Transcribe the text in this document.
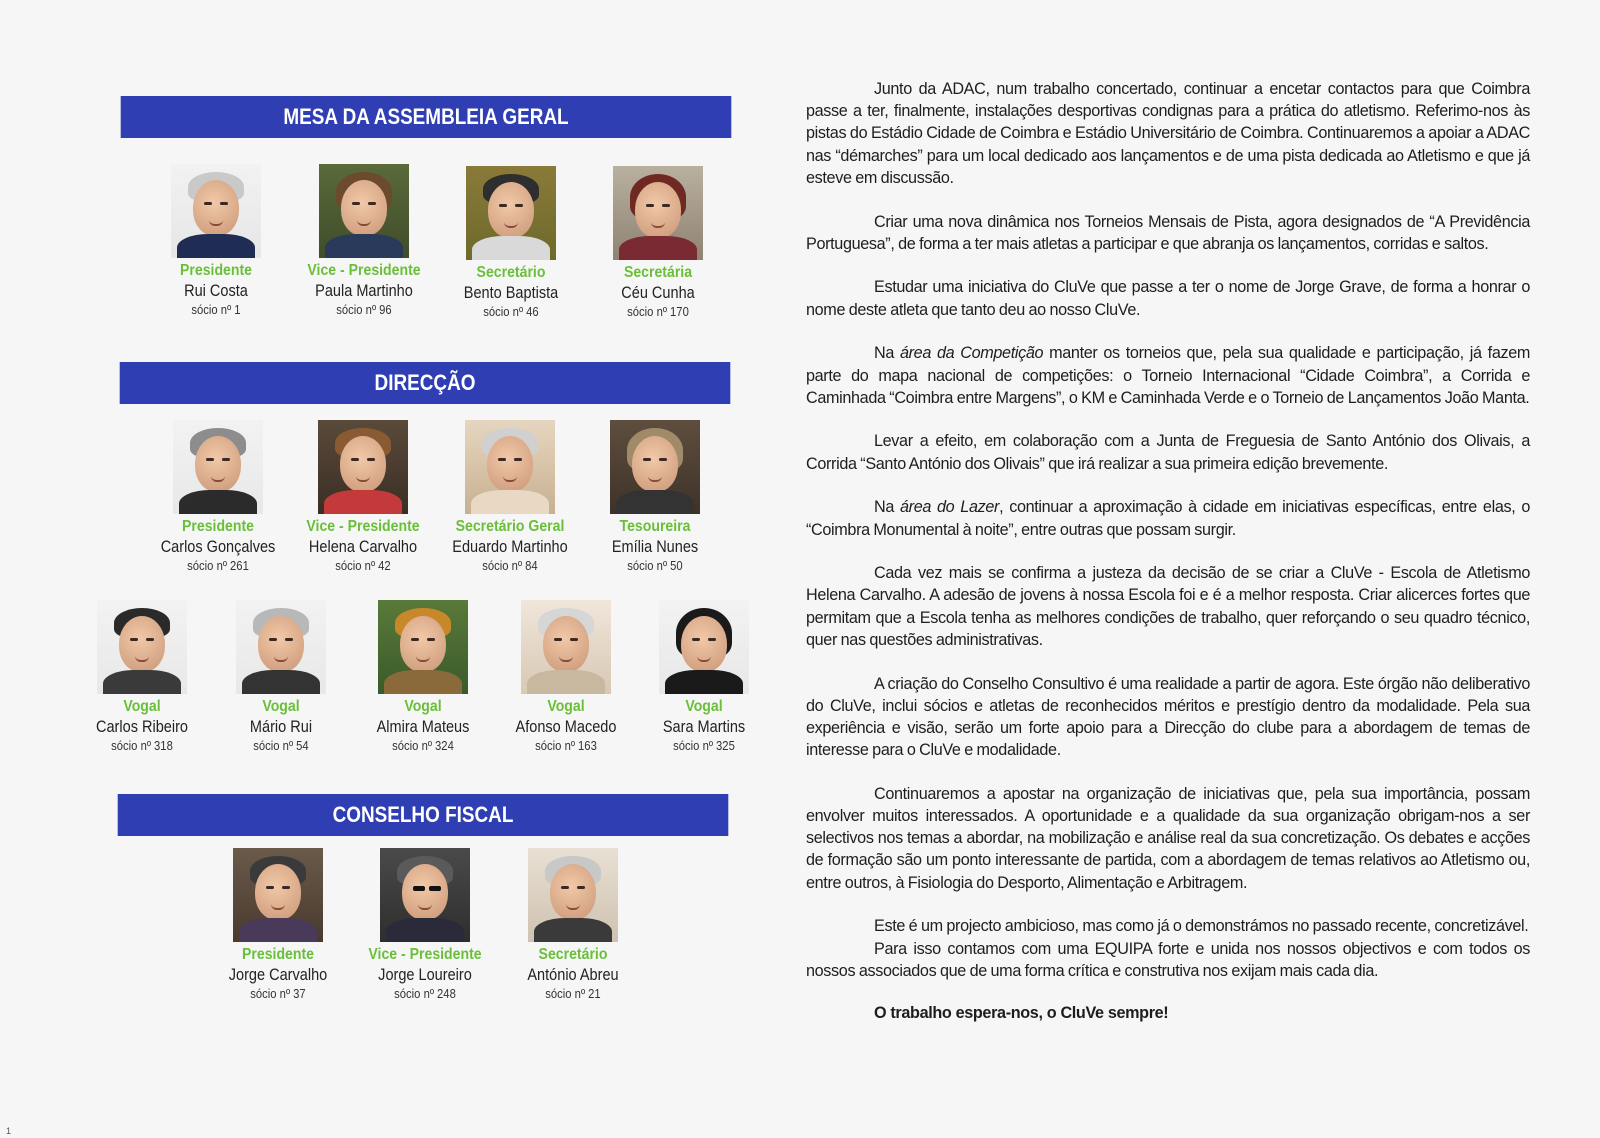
MESA DA ASSEMBLEIA GERAL
Presidente
Rui Costa
sócio nº 1
Vice - Presidente
Paula Martinho
sócio nº 96
Secretário
Bento Baptista
sócio nº 46
Secretária
Céu Cunha
sócio nº 170
DIRECÇÃO
Presidente
Carlos Gonçalves
sócio nº 261
Vice - Presidente
Helena Carvalho
sócio nº 42
Secretário Geral
Eduardo Martinho
sócio nº 84
Tesoureira
Emília Nunes
sócio nº 50
Vogal
Carlos Ribeiro
sócio nº 318
Vogal
Mário Rui
sócio nº 54
Vogal
Almira Mateus
sócio nº 324
Vogal
Afonso Macedo
sócio nº 163
Vogal
Sara Martins
sócio nº 325
CONSELHO FISCAL
Presidente
Jorge Carvalho
sócio nº 37
Vice - Presidente
Jorge Loureiro
sócio nº 248
Secretário
António Abreu
sócio nº 21

Junto da ADAC, num trabalho concertado, continuar a encetar contactos para que Coimbra passe a ter, finalmente, instalações desportivas condignas para a prática do atletismo. Referimo-nos às pistas do Estádio Cidade de Coimbra e Estádio Universitário de Coimbra. Continuaremos a apoiar a ADAC nas “démarches” para um local dedicado aos lançamentos e de uma pista dedicada ao Atletismo e que já esteve em discussão.

Criar uma nova dinâmica nos Torneios Mensais de Pista, agora designados de “A Previdência Portuguesa”, de forma a ter mais atletas a participar e que abranja os lançamentos, corridas e saltos.

Estudar uma iniciativa do CluVe que passe a ter o nome de Jorge Grave, de forma a honrar o nome deste atleta que tanto deu ao nosso CluVe.

Na área da Competição manter os torneios que, pela sua qualidade e participação, já fazem parte do mapa nacional de competições: o Torneio Internacional “Cidade Coimbra”, a Corrida e Caminhada “Coimbra entre Margens”, o KM e Caminhada Verde e o Torneio de Lançamentos João Manta.

Levar a efeito, em colaboração com a Junta de Freguesia de Santo António dos Olivais, a Corrida “Santo António dos Olivais” que irá realizar a sua primeira edição brevemente.

Na área do Lazer, continuar a aproximação à cidade em iniciativas específicas, entre elas, o “Coimbra Monumental à noite”, entre outras que possam surgir.

Cada vez mais se confirma a justeza da decisão de se criar a CluVe - Escola de Atletismo Helena Carvalho. A adesão de jovens à nossa Escola foi e é a melhor resposta. Criar alicerces fortes que permitam que a Escola tenha as melhores condições de trabalho, quer reforçando o seu quadro técnico, quer nas questões administrativas.

A criação do Conselho Consultivo é uma realidade a partir de agora. Este órgão não deliberativo do CluVe, inclui sócios e atletas de reconhecidos méritos e prestígio dentro da modalidade. Pela sua experiência e visão, serão um forte apoio para a Direcção do clube para a abordagem de temas de interesse para o CluVe e modalidade.

Continuaremos a apostar na organização de iniciativas que, pela sua importância, possam envolver muitos interessados. A oportunidade e a qualidade da sua organização obrigam-nos a ser selectivos nos temas a abordar, na mobilização e análise real da sua concretização. Os debates e acções de formação são um ponto interessante de partida, com a abordagem de temas relativos ao Atletismo ou, entre outros, à Fisiologia do Desporto, Alimentação e Arbitragem.

Este é um projecto ambicioso, mas como já o demonstrámos no passado recente, concretizável.

Para isso contamos com uma EQUIPA forte e unida nos nossos objectivos e com todos os nossos associados que de uma forma crítica e construtiva nos exijam mais cada dia.

O trabalho espera-nos, o CluVe sempre!

1
